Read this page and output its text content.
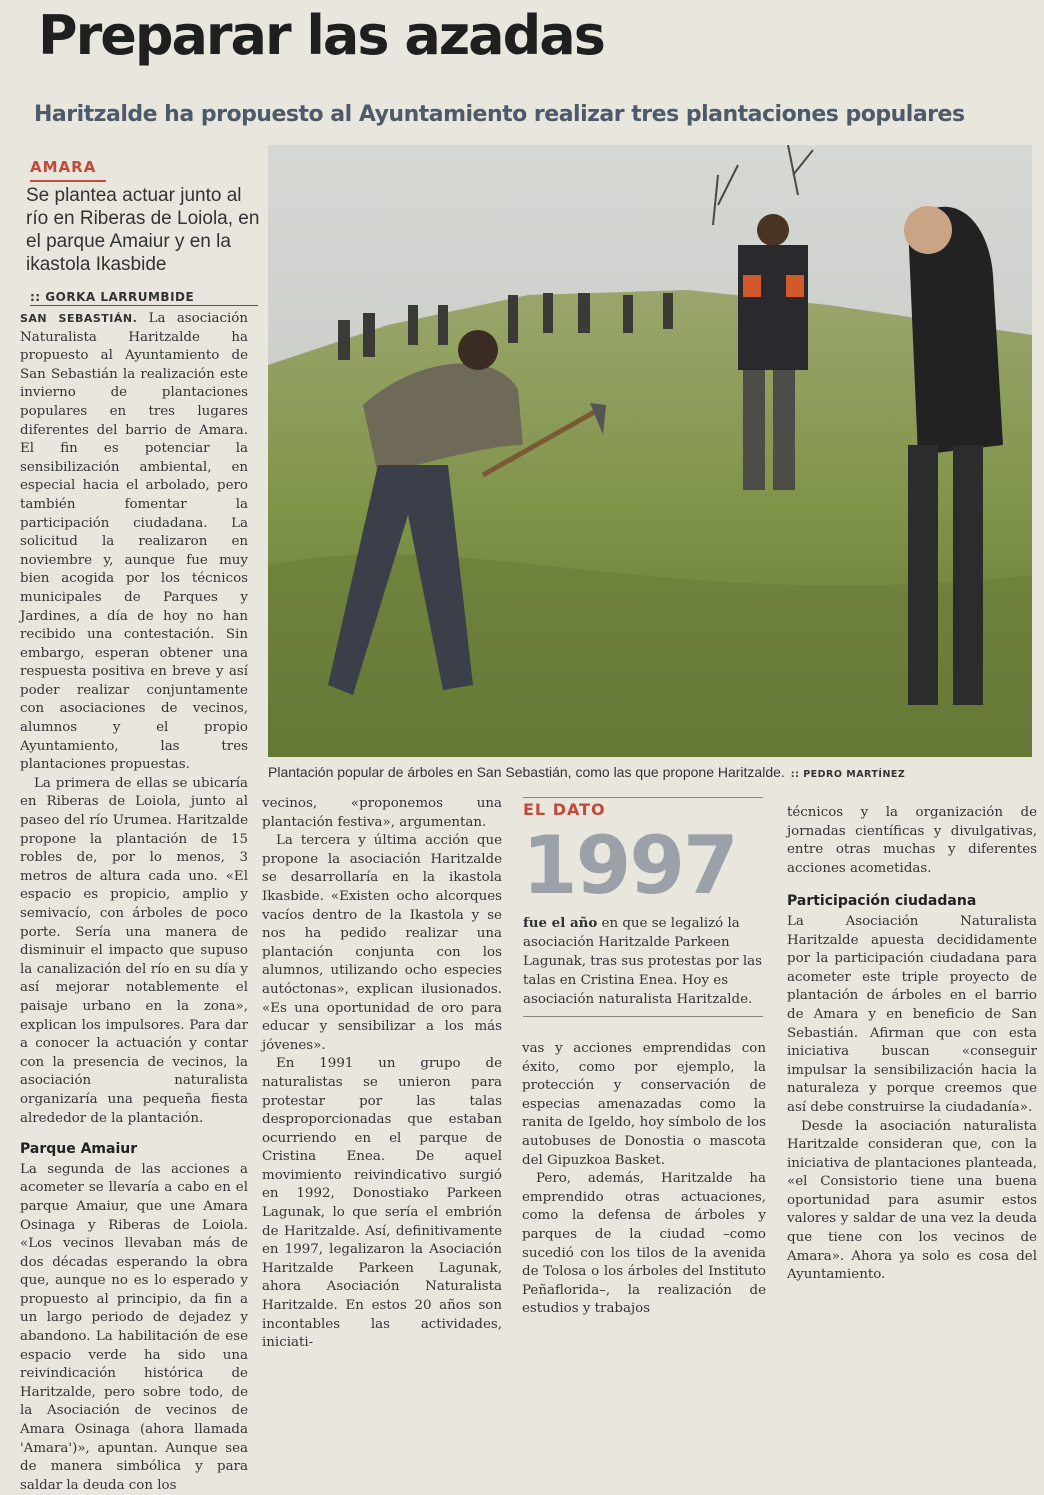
Preparar las azadas
Haritzalde ha propuesto al Ayuntamiento realizar tres plantaciones populares
AMARA
Se plantea actuar junto al río en Riberas de Loiola, en el parque Amaiur y en la ikastola Ikasbide
:: GORKA LARRUMBIDE

SAN SEBASTIÁN. La asociación Naturalista Haritzalde ha propuesto al Ayuntamiento de San Sebastián la realización este invierno de plantaciones populares en tres lugares diferentes del barrio de Amara. El fin es potenciar la sensibilización ambiental, en especial hacia el arbolado, pero también fomentar la participación ciudadana. La solicitud la realizaron en noviembre y, aunque fue muy bien acogida por los técnicos municipales de Parques y Jardines, a día de hoy no han recibido una contestación. Sin embargo, esperan obtener una respuesta positiva en breve y así poder realizar conjuntamente con asociaciones de vecinos, alumnos y el propio Ayuntamiento, las tres plantaciones propuestas.

La primera de ellas se ubicaría en Riberas de Loiola, junto al paseo del río Urumea. Haritzalde propone la plantación de 15 robles de, por lo menos, 3 metros de altura cada uno. «El espacio es propicio, amplio y semivacío, con árboles de poco porte. Sería una manera de disminuir el impacto que supuso la canalización del río en su día y así mejorar notablemente el paisaje urbano en la zona», explican los impulsores. Para dar a conocer la actuación y contar con la presencia de vecinos, la asociación naturalista organizaría una pequeña fiesta alrededor de la plantación.

Parque Amaiur

La segunda de las acciones a acometer se llevaría a cabo en el parque Amaiur, que une Amara Osinaga y Riberas de Loiola. «Los vecinos llevaban más de dos décadas esperando la obra que, aunque no es lo esperado y propuesto al principio, da fin a un largo periodo de dejadez y abandono. La habilitación de ese espacio verde ha sido una reivindicación histórica de Haritzalde, pero sobre todo, de la Asociación de vecinos de Amara Osinaga (ahora llamada 'Amara')», apuntan. Aunque sea de manera simbólica y para saldar la deuda con los

Plantación popular de árboles en San Sebastián, como las que propone Haritzalde. :: PEDRO MARTÍNEZ

vecinos, «proponemos una plantación festiva», argumentan.

La tercera y última acción que propone la asociación Haritzalde se desarrollaría en la ikastola Ikasbide. «Existen ocho alcorques vacíos dentro de la Ikastola y se nos ha pedido realizar una plantación conjunta con los alumnos, utilizando ocho especies autóctonas», explican ilusionados. «Es una oportunidad de oro para educar y sensibilizar a los más jóvenes».

En 1991 un grupo de naturalistas se unieron para protestar por las talas desproporcionadas que estaban ocurriendo en el parque de Cristina Enea. De aquel movimiento reivindicativo surgió en 1992, Donostiako Parkeen Lagunak, lo que sería el embrión de Haritzalde. Así, definitivamente en 1997, legalizaron la Asociación Haritzalde Parkeen Lagunak, ahora Asociación Naturalista Haritzalde. En estos 20 años son incontables las actividades, iniciati-

EL DATO
1997
fue el año en que se legalizó la asociación Haritzalde Parkeen Lagunak, tras sus protestas por las talas en Cristina Enea. Hoy es asociación naturalista Haritzalde.

vas y acciones emprendidas con éxito, como por ejemplo, la protección y conservación de especias amenazadas como la ranita de Igeldo, hoy símbolo de los autobuses de Donostia o mascota del Gipuzkoa Basket.

Pero, además, Haritzalde ha emprendido otras actuaciones, como la defensa de árboles y parques de la ciudad –como sucedió con los tilos de la avenida de Tolosa o los árboles del Instituto Peñaflorida–, la realización de estudios y trabajos

técnicos y la organización de jornadas científicas y divulgativas, entre otras muchas y diferentes acciones acometidas.

Participación ciudadana

La Asociación Naturalista Haritzalde apuesta decididamente por la participación ciudadana para acometer este triple proyecto de plantación de árboles en el barrio de Amara y en beneficio de San Sebastián. Afirman que con esta iniciativa buscan «conseguir impulsar la sensibilización hacia la naturaleza y porque creemos que así debe construirse la ciudadanía».

Desde la asociación naturalista Haritzalde consideran que, con la iniciativa de plantaciones planteada, «el Consistorio tiene una buena oportunidad para asumir estos valores y saldar de una vez la deuda que tiene con los vecinos de Amara». Ahora ya solo es cosa del Ayuntamiento.
